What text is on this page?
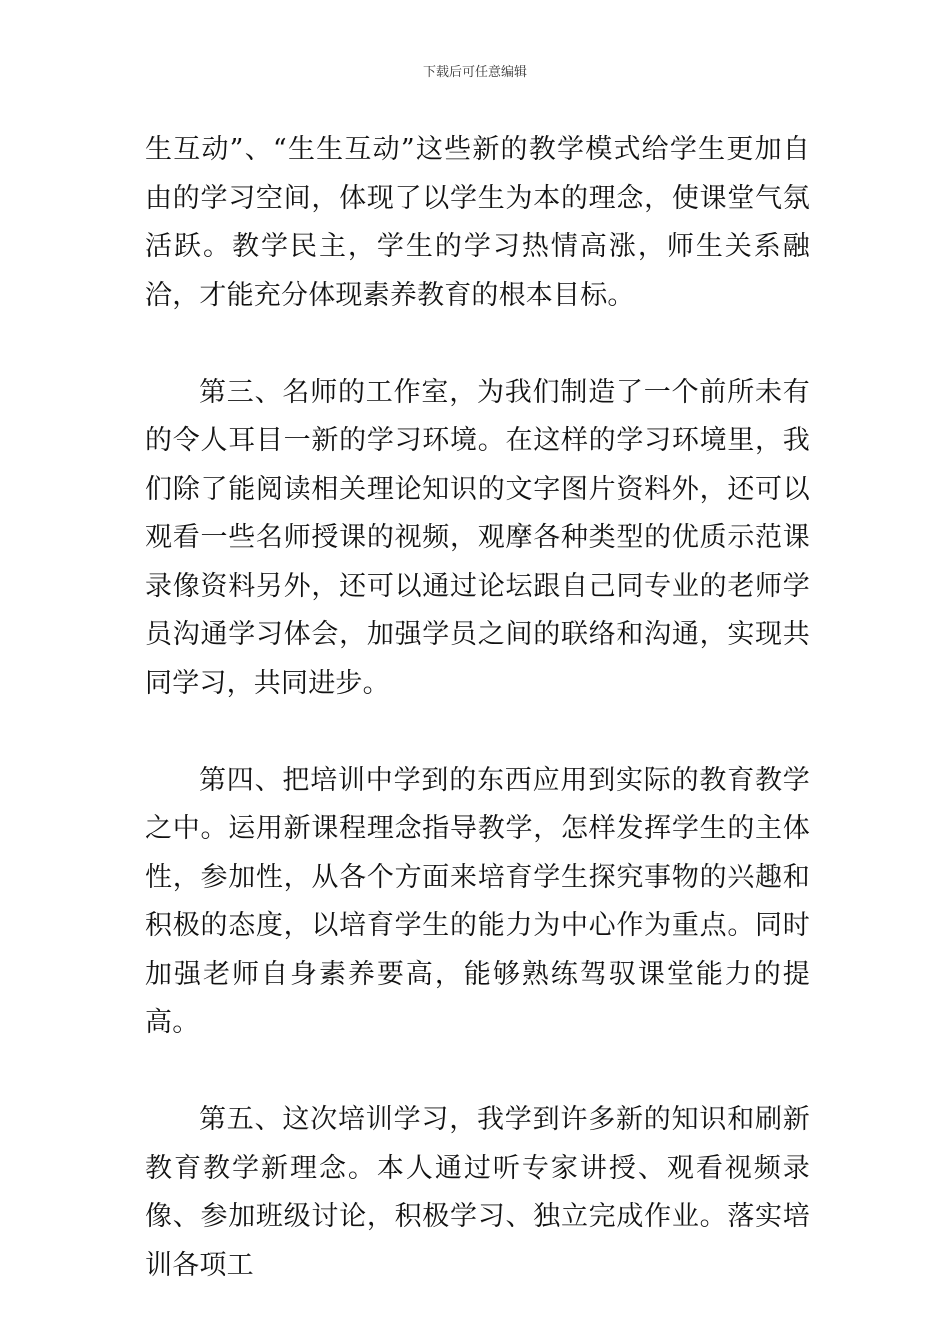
下载后可任意编辑

生互动”、“生生互动”这些新的教学模式给学生更加自由的学习空间，体现了以学生为本的理念，使课堂气氛活跃。教学民主，学生的学习热情高涨，师生关系融洽，才能充分体现素养教育的根本目标。

第三、名师的工作室，为我们制造了一个前所未有的令人耳目一新的学习环境。在这样的学习环境里，我们除了能阅读相关理论知识的文字图片资料外，还可以观看一些名师授课的视频，观摩各种类型的优质示范课录像资料另外，还可以通过论坛跟自己同专业的老师学员沟通学习体会，加强学员之间的联络和沟通，实现共同学习，共同进步。

第四、把培训中学到的东西应用到实际的教育教学之中。运用新课程理念指导教学，怎样发挥学生的主体性，参加性，从各个方面来培育学生探究事物的兴趣和积极的态度，以培育学生的能力为中心作为重点。同时加强老师自身素养要高，能够熟练驾驭课堂能力的提高。

第五、这次培训学习，我学到许多新的知识和刷新教育教学新理念。本人通过听专家讲授、观看视频录像、参加班级讨论，积极学习、独立完成作业。落实培训各项工
